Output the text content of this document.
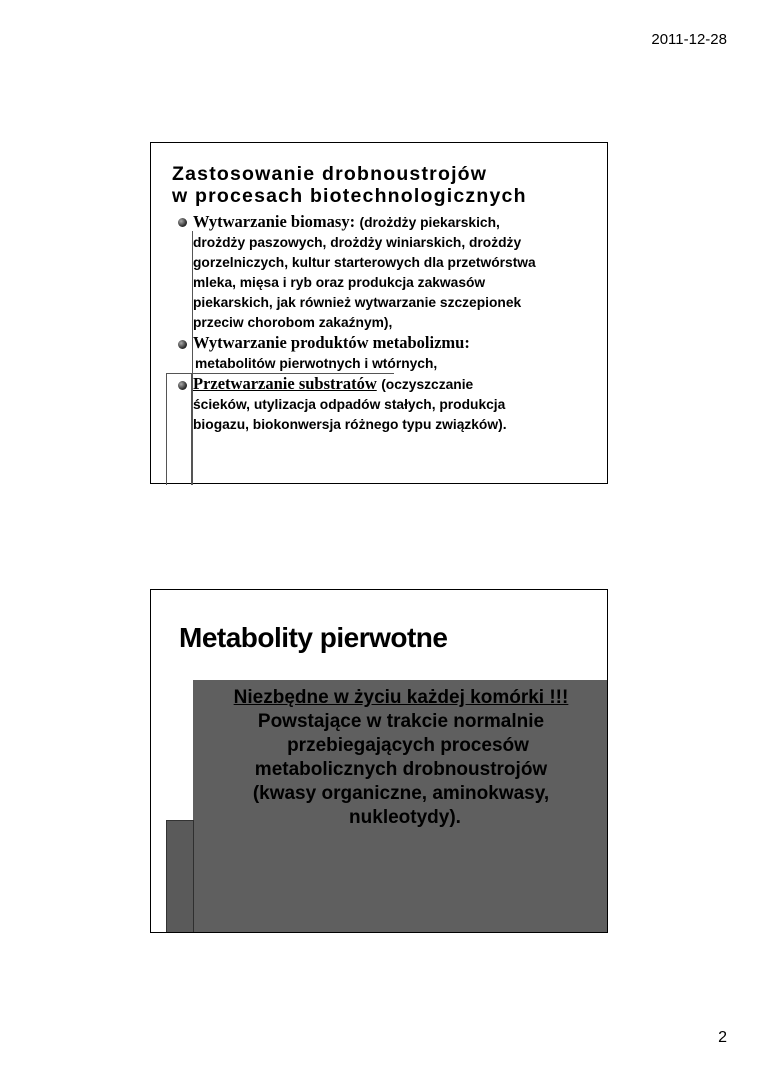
2011-12-28
Zastosowanie drobnoustrojów
w procesach biotechnologicznych
Wytwarzanie biomasy: (drożdży piekarskich,
drożdży paszowych, drożdży winiarskich, drożdży
gorzelniczych, kultur starterowych dla przetwórstwa
mleka, mięsa i ryb oraz produkcja zakwasów
piekarskich, jak również wytwarzanie szczepionek
przeciw chorobom zakaźnym),
Wytwarzanie produktów metabolizmu:
metabolitów pierwotnych i wtórnych,
Przetwarzanie substratów (oczyszczanie
ścieków, utylizacja odpadów stałych, produkcja
biogazu, biokonwersja różnego typu związków).
Metabolity pierwotne
Niezbędne w życiu każdej komórki !!!
Powstające w trakcie normalnie
przebiegających procesów
metabolicznych drobnoustrojów
(kwasy organiczne, aminokwasy,
nukleotydy).
2
